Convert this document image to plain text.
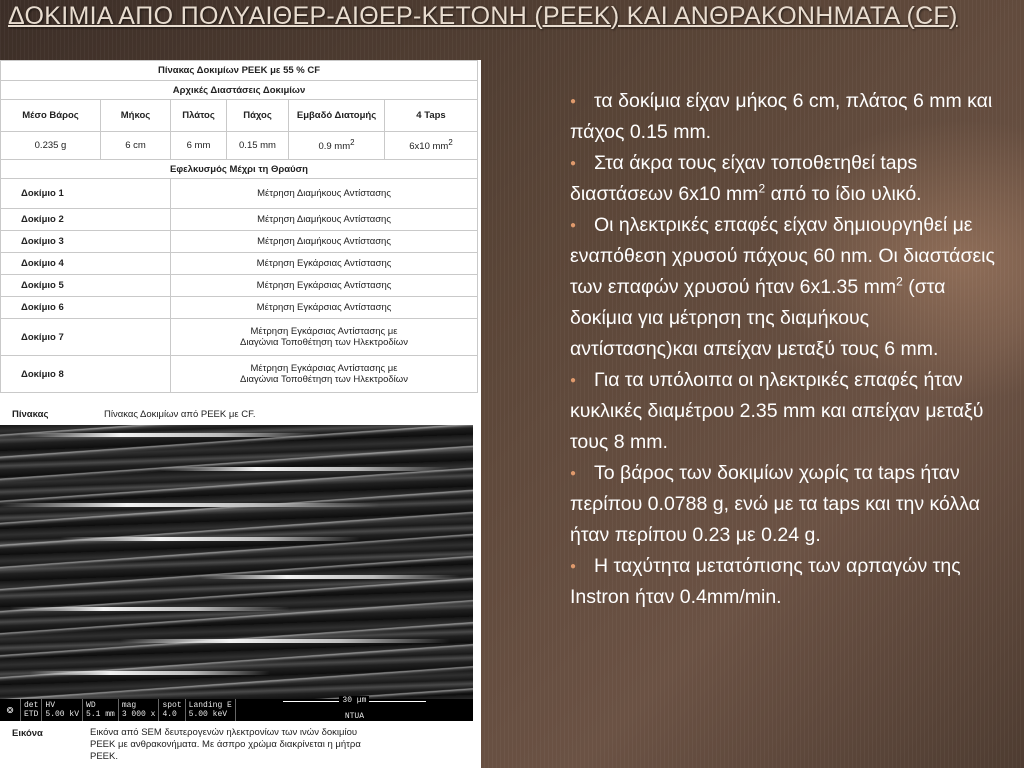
ΔΟΚΙΜΙΑ ΑΠΟ ΠΟΛΥΑΙΘΕΡ-ΑΙΘΕΡ-ΚΕΤΟΝΗ (PEEK) ΚΑΙ ΑΝΘΡΑΚΟΝΗΜΑΤΑ (CF)
Πίνακας Δοκιμίων PEEK με 55 % CF					
Αρχικές Διαστάσεις Δοκιμίων					
Μέσο Βάρος	Μήκος	Πλάτος	Πάχος	Εμβαδό Διατομής	4 Taps
0.235 g	6 cm	6 mm	0.15 mm	0.9 $mm^2$	6x10 $mm^2$
Εφελκυσμός Μέχρι τη Θραύση					
Δοκίμιο 1		Μέτρηση Διαμήκους Αντίστασης			
Δοκίμιο 2		Μέτρηση Διαμήκους Αντίστασης			
Δοκίμιο 3		Μέτρηση Διαμήκους Αντίστασης			
Δοκίμιο 4		Μέτρηση Εγκάρσιας Αντίστασης			
Δοκίμιο 5		Μέτρηση Εγκάρσιας Αντίστασης			
Δοκίμιο 6		Μέτρηση Εγκάρσιας Αντίστασης			
Δοκίμιο 7		Μέτρηση Εγκάρσιας Αντίστασης με
Διαγώνια Τοποθέτηση των Ηλεκτροδίων			

Δοκίμιο 8		Μέτρηση Εγκάρσιας Αντίστασης με
Διαγώνια Τοποθέτηση των Ηλεκτροδίων			
Πίνακας	Πίνακας Δοκιμίων από PEEK με CF.
❂	det
ETD
HV
5.00 kV
WD
5.1 mm
mag
3 000 x
spot
4.0
Landing E
5.00 keV
30 μm
NTUA
Εικόνα	Εικόνα από SEM δευτερογενών ηλεκτρονίων των ινών δοκιμίου
PEEK με ανθρακονήματα. Με άσπρο χρώμα διακρίνεται η μήτρα
PEEK.
● τα δοκίμια είχαν μήκος 6 cm, πλάτος 6 mm και πάχος 0.15 mm.
● Στα άκρα τους είχαν τοποθετηθεί taps διαστάσεων 6x10 $mm^2$ από το ίδιο υλικό.
● Οι ηλεκτρικές επαφές είχαν δημιουργηθεί με εναπόθεση χρυσού πάχους 60 nm. Οι διαστάσεις των επαφών χρυσού ήταν 6x1.35 $mm^2$ (στα δοκίμια για μέτρηση της διαμήκους αντίστασης)και απείχαν μεταξύ τους 6 mm.
● Για τα υπόλοιπα οι ηλεκτρικές επαφές ήταν κυκλικές διαμέτρου 2.35 mm και απείχαν μεταξύ τους 8 mm.
● Το βάρος των δοκιμίων χωρίς τα taps ήταν περίπου 0.0788 g, ενώ με τα taps και την κόλλα ήταν περίπου 0.23 με 0.24 g.
● Η ταχύτητα μετατόπισης των αρπαγών της Instron ήταν 0.4mm/min.
